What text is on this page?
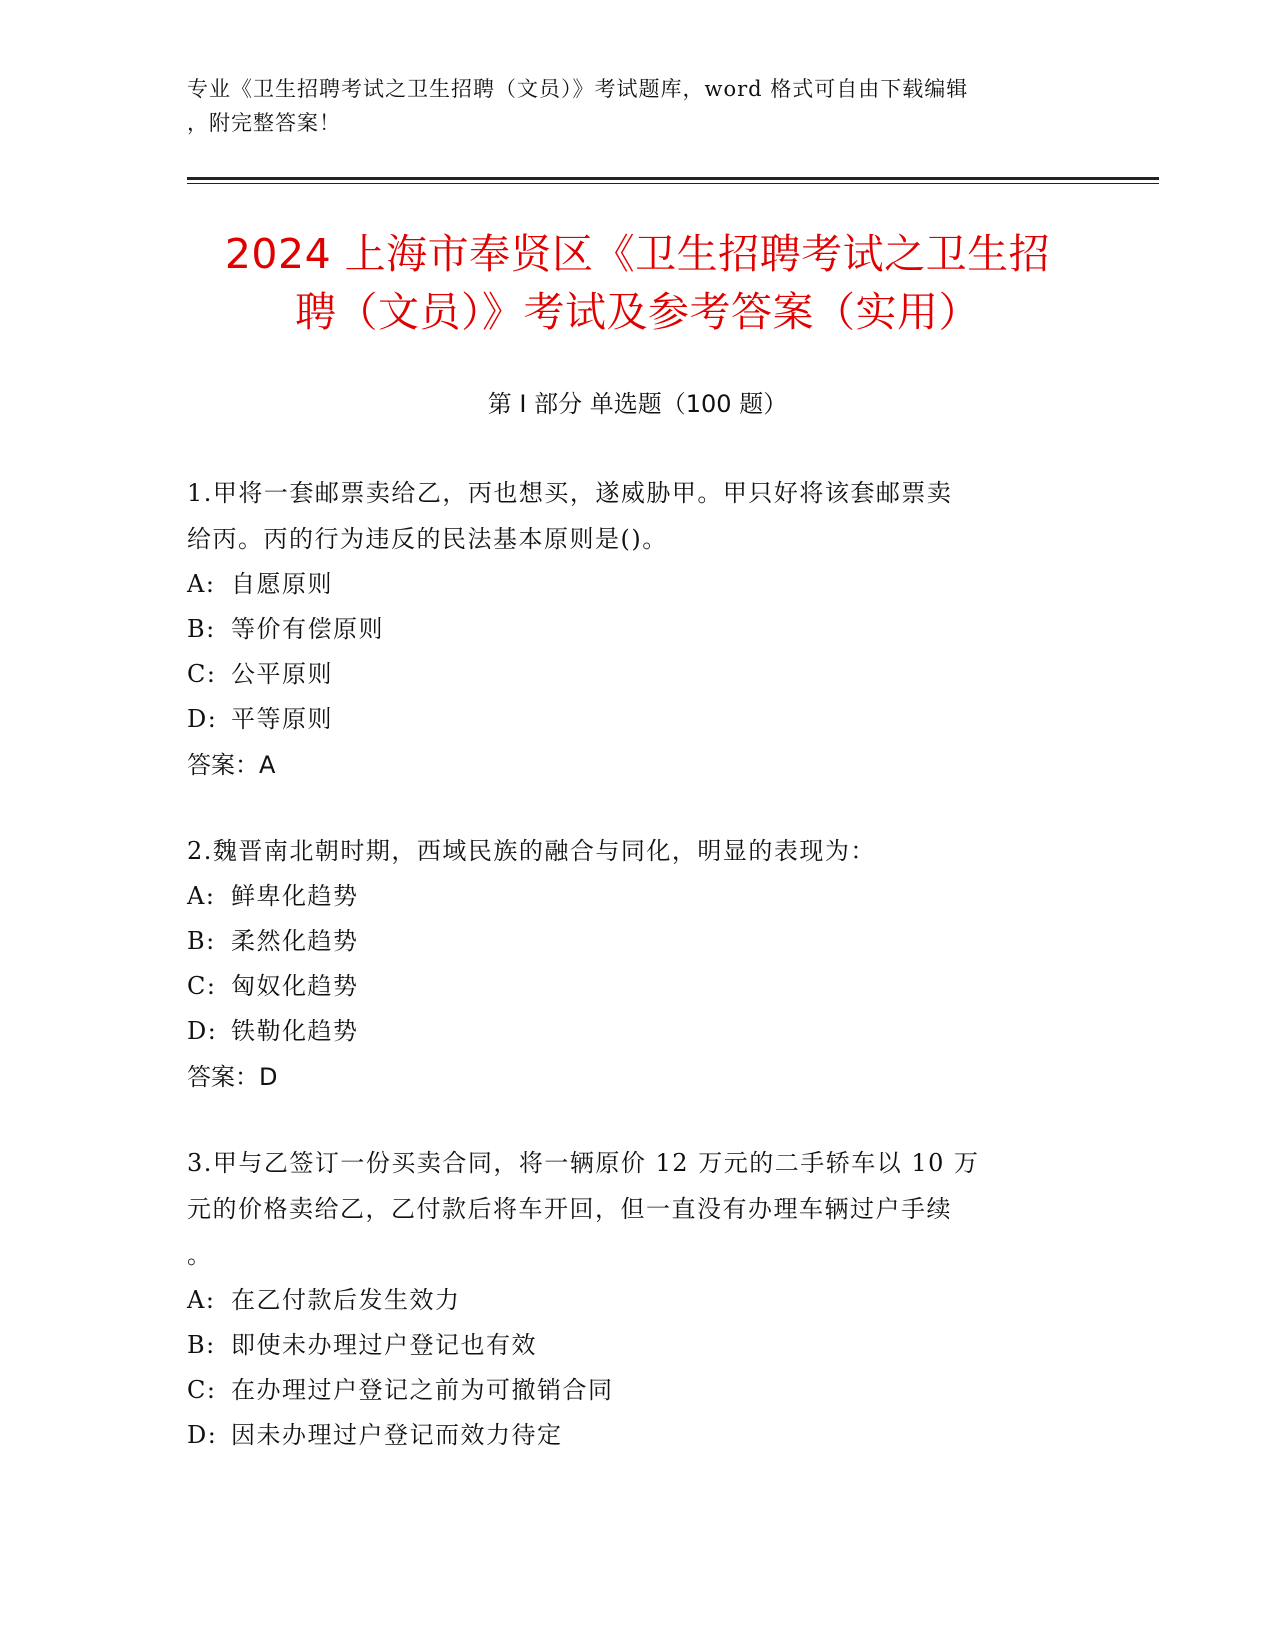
专业《卫生招聘考试之卫生招聘（文员）》考试题库，word 格式可自由下载编辑
，附完整答案！
2024 上海市奉贤区《卫生招聘考试之卫生招
聘（文员）》考试及参考答案（实用）
第 I 部分 单选题（100 题）
1.甲将一套邮票卖给乙，丙也想买，遂威胁甲。甲只好将该套邮票卖
给丙。丙的行为违反的民法基本原则是()。
A: 自愿原则
B: 等价有偿原则
C: 公平原则
D: 平等原则
答案：A
2.魏晋南北朝时期，西域民族的融合与同化，明显的表现为：
A: 鲜卑化趋势
B: 柔然化趋势
C: 匈奴化趋势
D: 铁勒化趋势
答案：D
3.甲与乙签订一份买卖合同，将一辆原价 12 万元的二手轿车以 10 万
元的价格卖给乙，乙付款后将车开回，但一直没有办理车辆过户手续
。
A: 在乙付款后发生效力
B: 即使未办理过户登记也有效
C: 在办理过户登记之前为可撤销合同
D: 因未办理过户登记而效力待定
